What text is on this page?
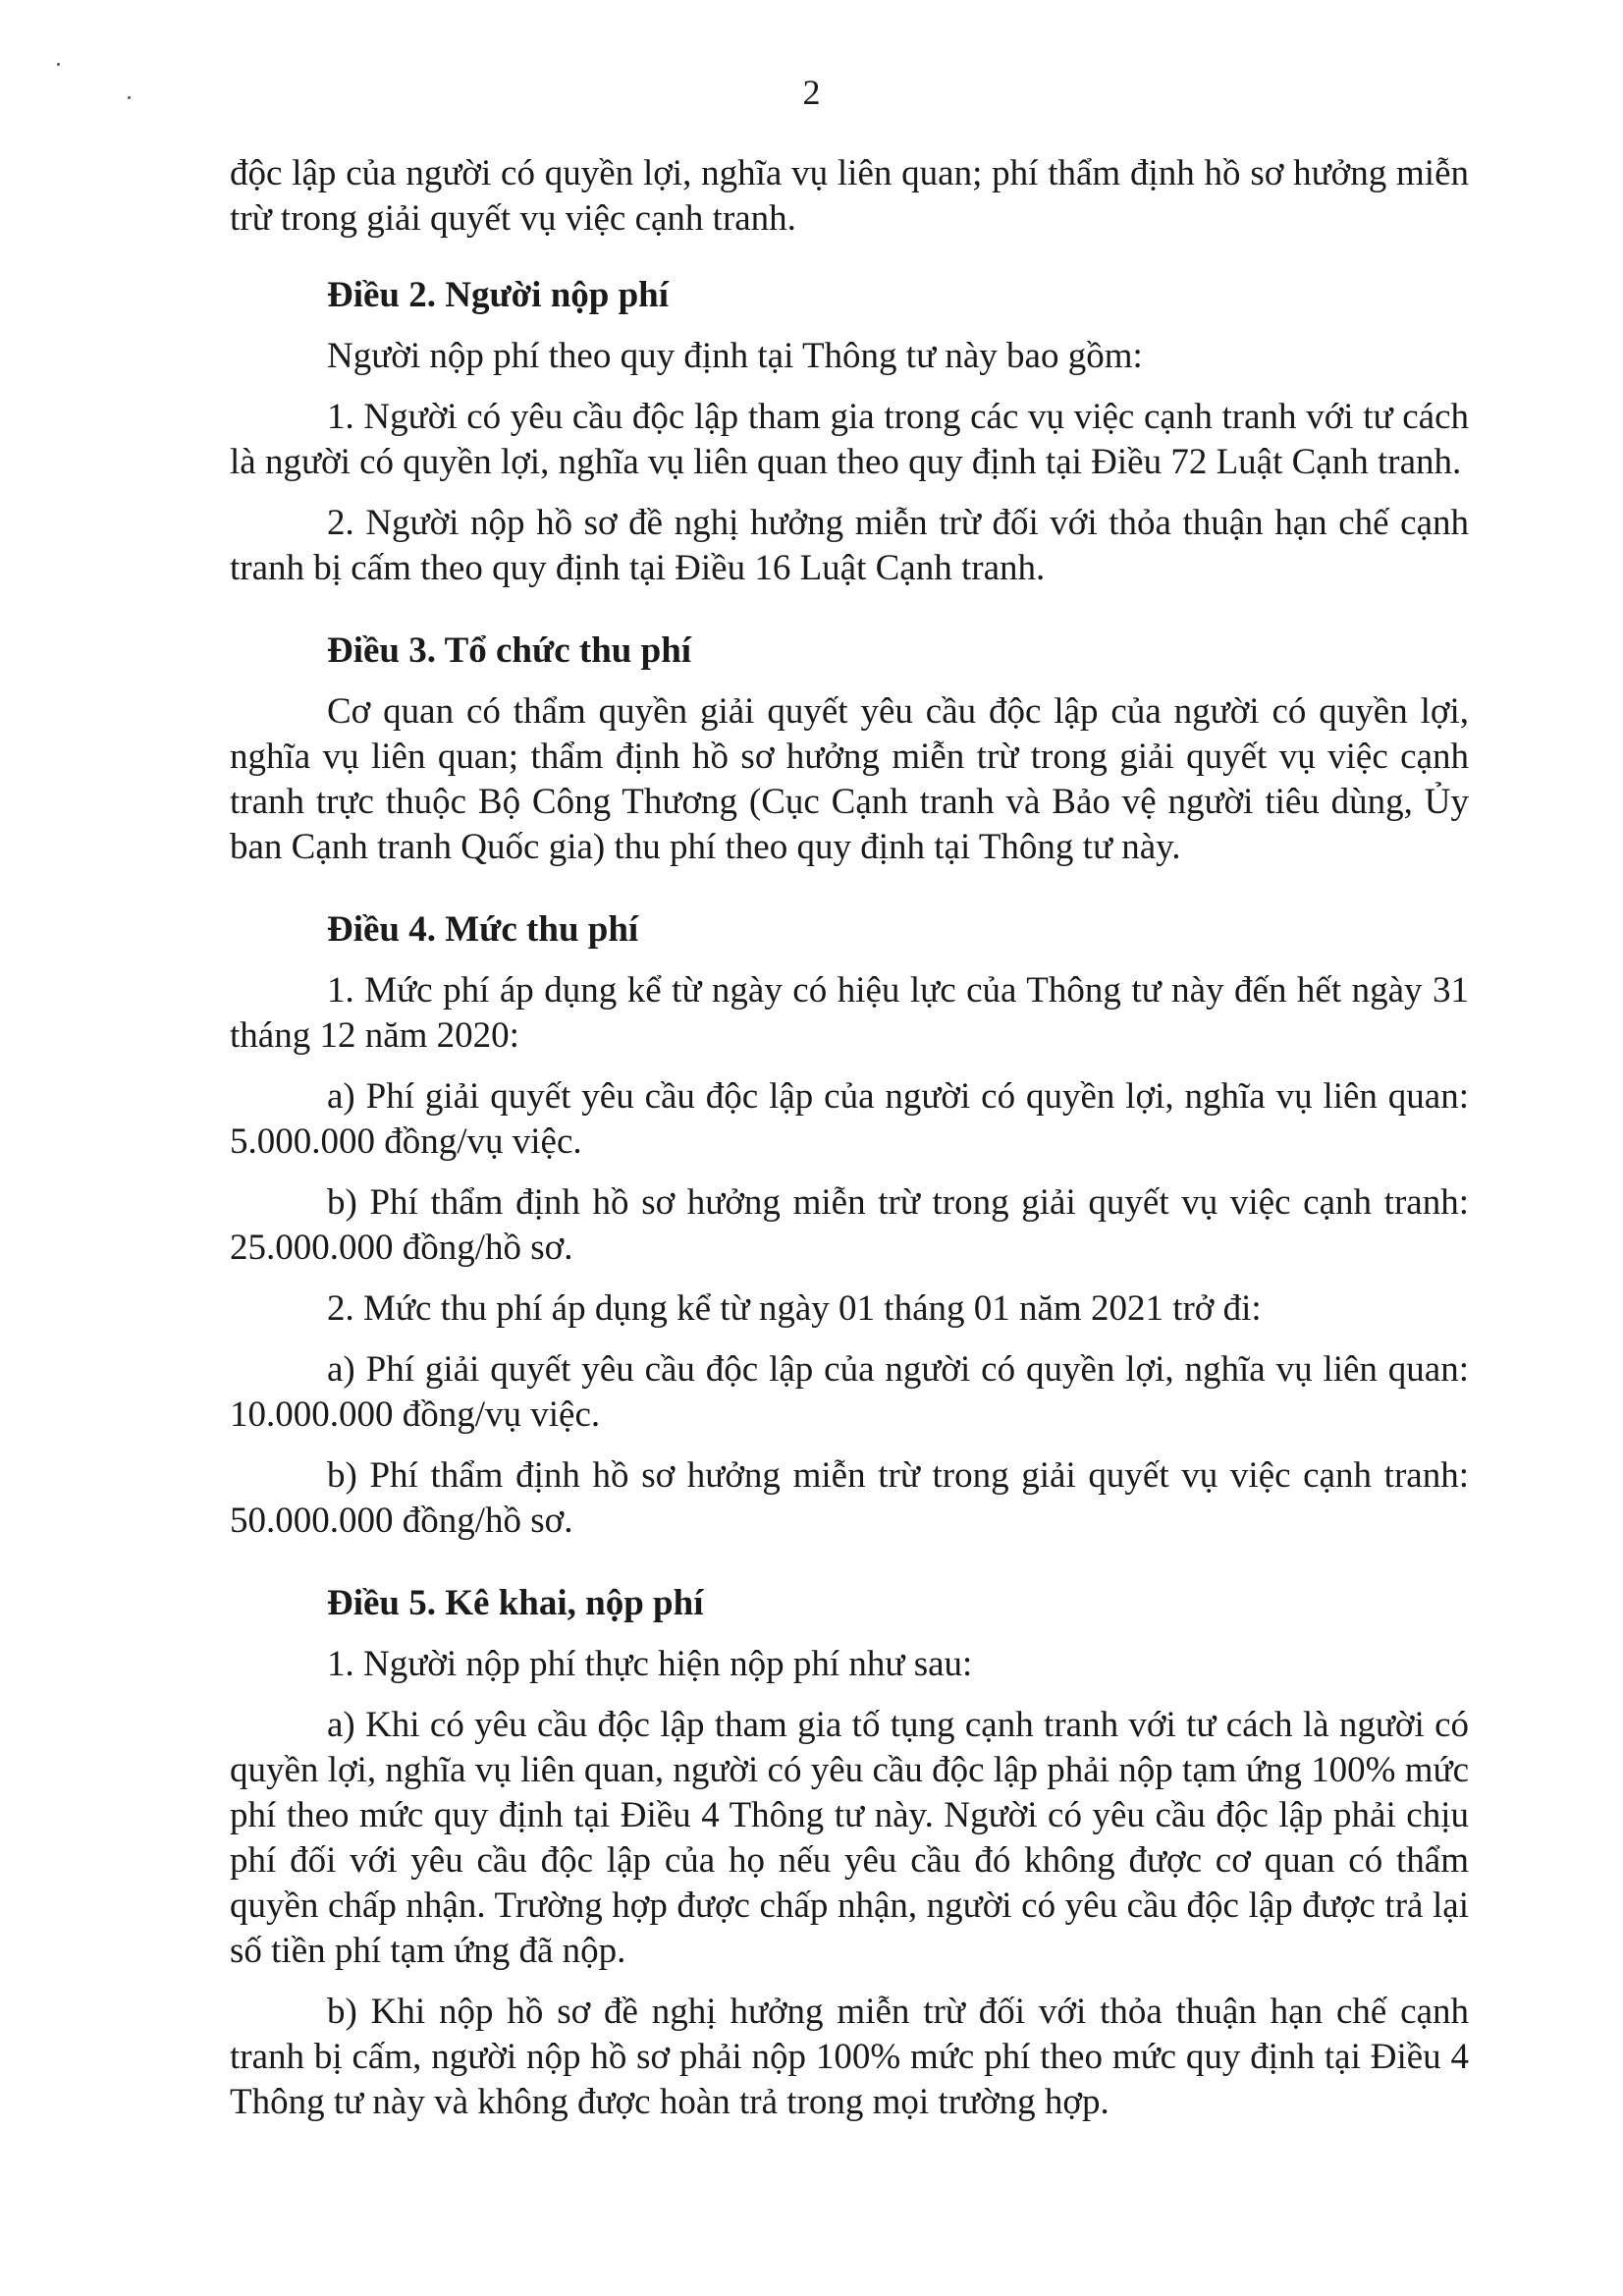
2

độc lập của người có quyền lợi, nghĩa vụ liên quan; phí thẩm định hồ sơ hưởng miễn trừ trong giải quyết vụ việc cạnh tranh.

Điều 2. Người nộp phí

Người nộp phí theo quy định tại Thông tư này bao gồm:

1. Người có yêu cầu độc lập tham gia trong các vụ việc cạnh tranh với tư cách là người có quyền lợi, nghĩa vụ liên quan theo quy định tại Điều 72 Luật Cạnh tranh.

2. Người nộp hồ sơ đề nghị hưởng miễn trừ đối với thỏa thuận hạn chế cạnh tranh bị cấm theo quy định tại Điều 16 Luật Cạnh tranh.

Điều 3. Tổ chức thu phí

Cơ quan có thẩm quyền giải quyết yêu cầu độc lập của người có quyền lợi, nghĩa vụ liên quan; thẩm định hồ sơ hưởng miễn trừ trong giải quyết vụ việc cạnh tranh trực thuộc Bộ Công Thương (Cục Cạnh tranh và Bảo vệ người tiêu dùng, Ủy ban Cạnh tranh Quốc gia) thu phí theo quy định tại Thông tư này.

Điều 4. Mức thu phí

1. Mức phí áp dụng kể từ ngày có hiệu lực của Thông tư này đến hết ngày 31 tháng 12 năm 2020:

a) Phí giải quyết yêu cầu độc lập của người có quyền lợi, nghĩa vụ liên quan: 5.000.000 đồng/vụ việc.

b) Phí thẩm định hồ sơ hưởng miễn trừ trong giải quyết vụ việc cạnh tranh: 25.000.000 đồng/hồ sơ.

2. Mức thu phí áp dụng kể từ ngày 01 tháng 01 năm 2021 trở đi:

a) Phí giải quyết yêu cầu độc lập của người có quyền lợi, nghĩa vụ liên quan: 10.000.000 đồng/vụ việc.

b) Phí thẩm định hồ sơ hưởng miễn trừ trong giải quyết vụ việc cạnh tranh: 50.000.000 đồng/hồ sơ.

Điều 5. Kê khai, nộp phí

1. Người nộp phí thực hiện nộp phí như sau:

a) Khi có yêu cầu độc lập tham gia tố tụng cạnh tranh với tư cách là người có quyền lợi, nghĩa vụ liên quan, người có yêu cầu độc lập phải nộp tạm ứng 100% mức phí theo mức quy định tại Điều 4 Thông tư này. Người có yêu cầu độc lập phải chịu phí đối với yêu cầu độc lập của họ nếu yêu cầu đó không được cơ quan có thẩm quyền chấp nhận. Trường hợp được chấp nhận, người có yêu cầu độc lập được trả lại số tiền phí tạm ứng đã nộp.

b) Khi nộp hồ sơ đề nghị hưởng miễn trừ đối với thỏa thuận hạn chế cạnh tranh bị cấm, người nộp hồ sơ phải nộp 100% mức phí theo mức quy định tại Điều 4 Thông tư này và không được hoàn trả trong mọi trường hợp.
